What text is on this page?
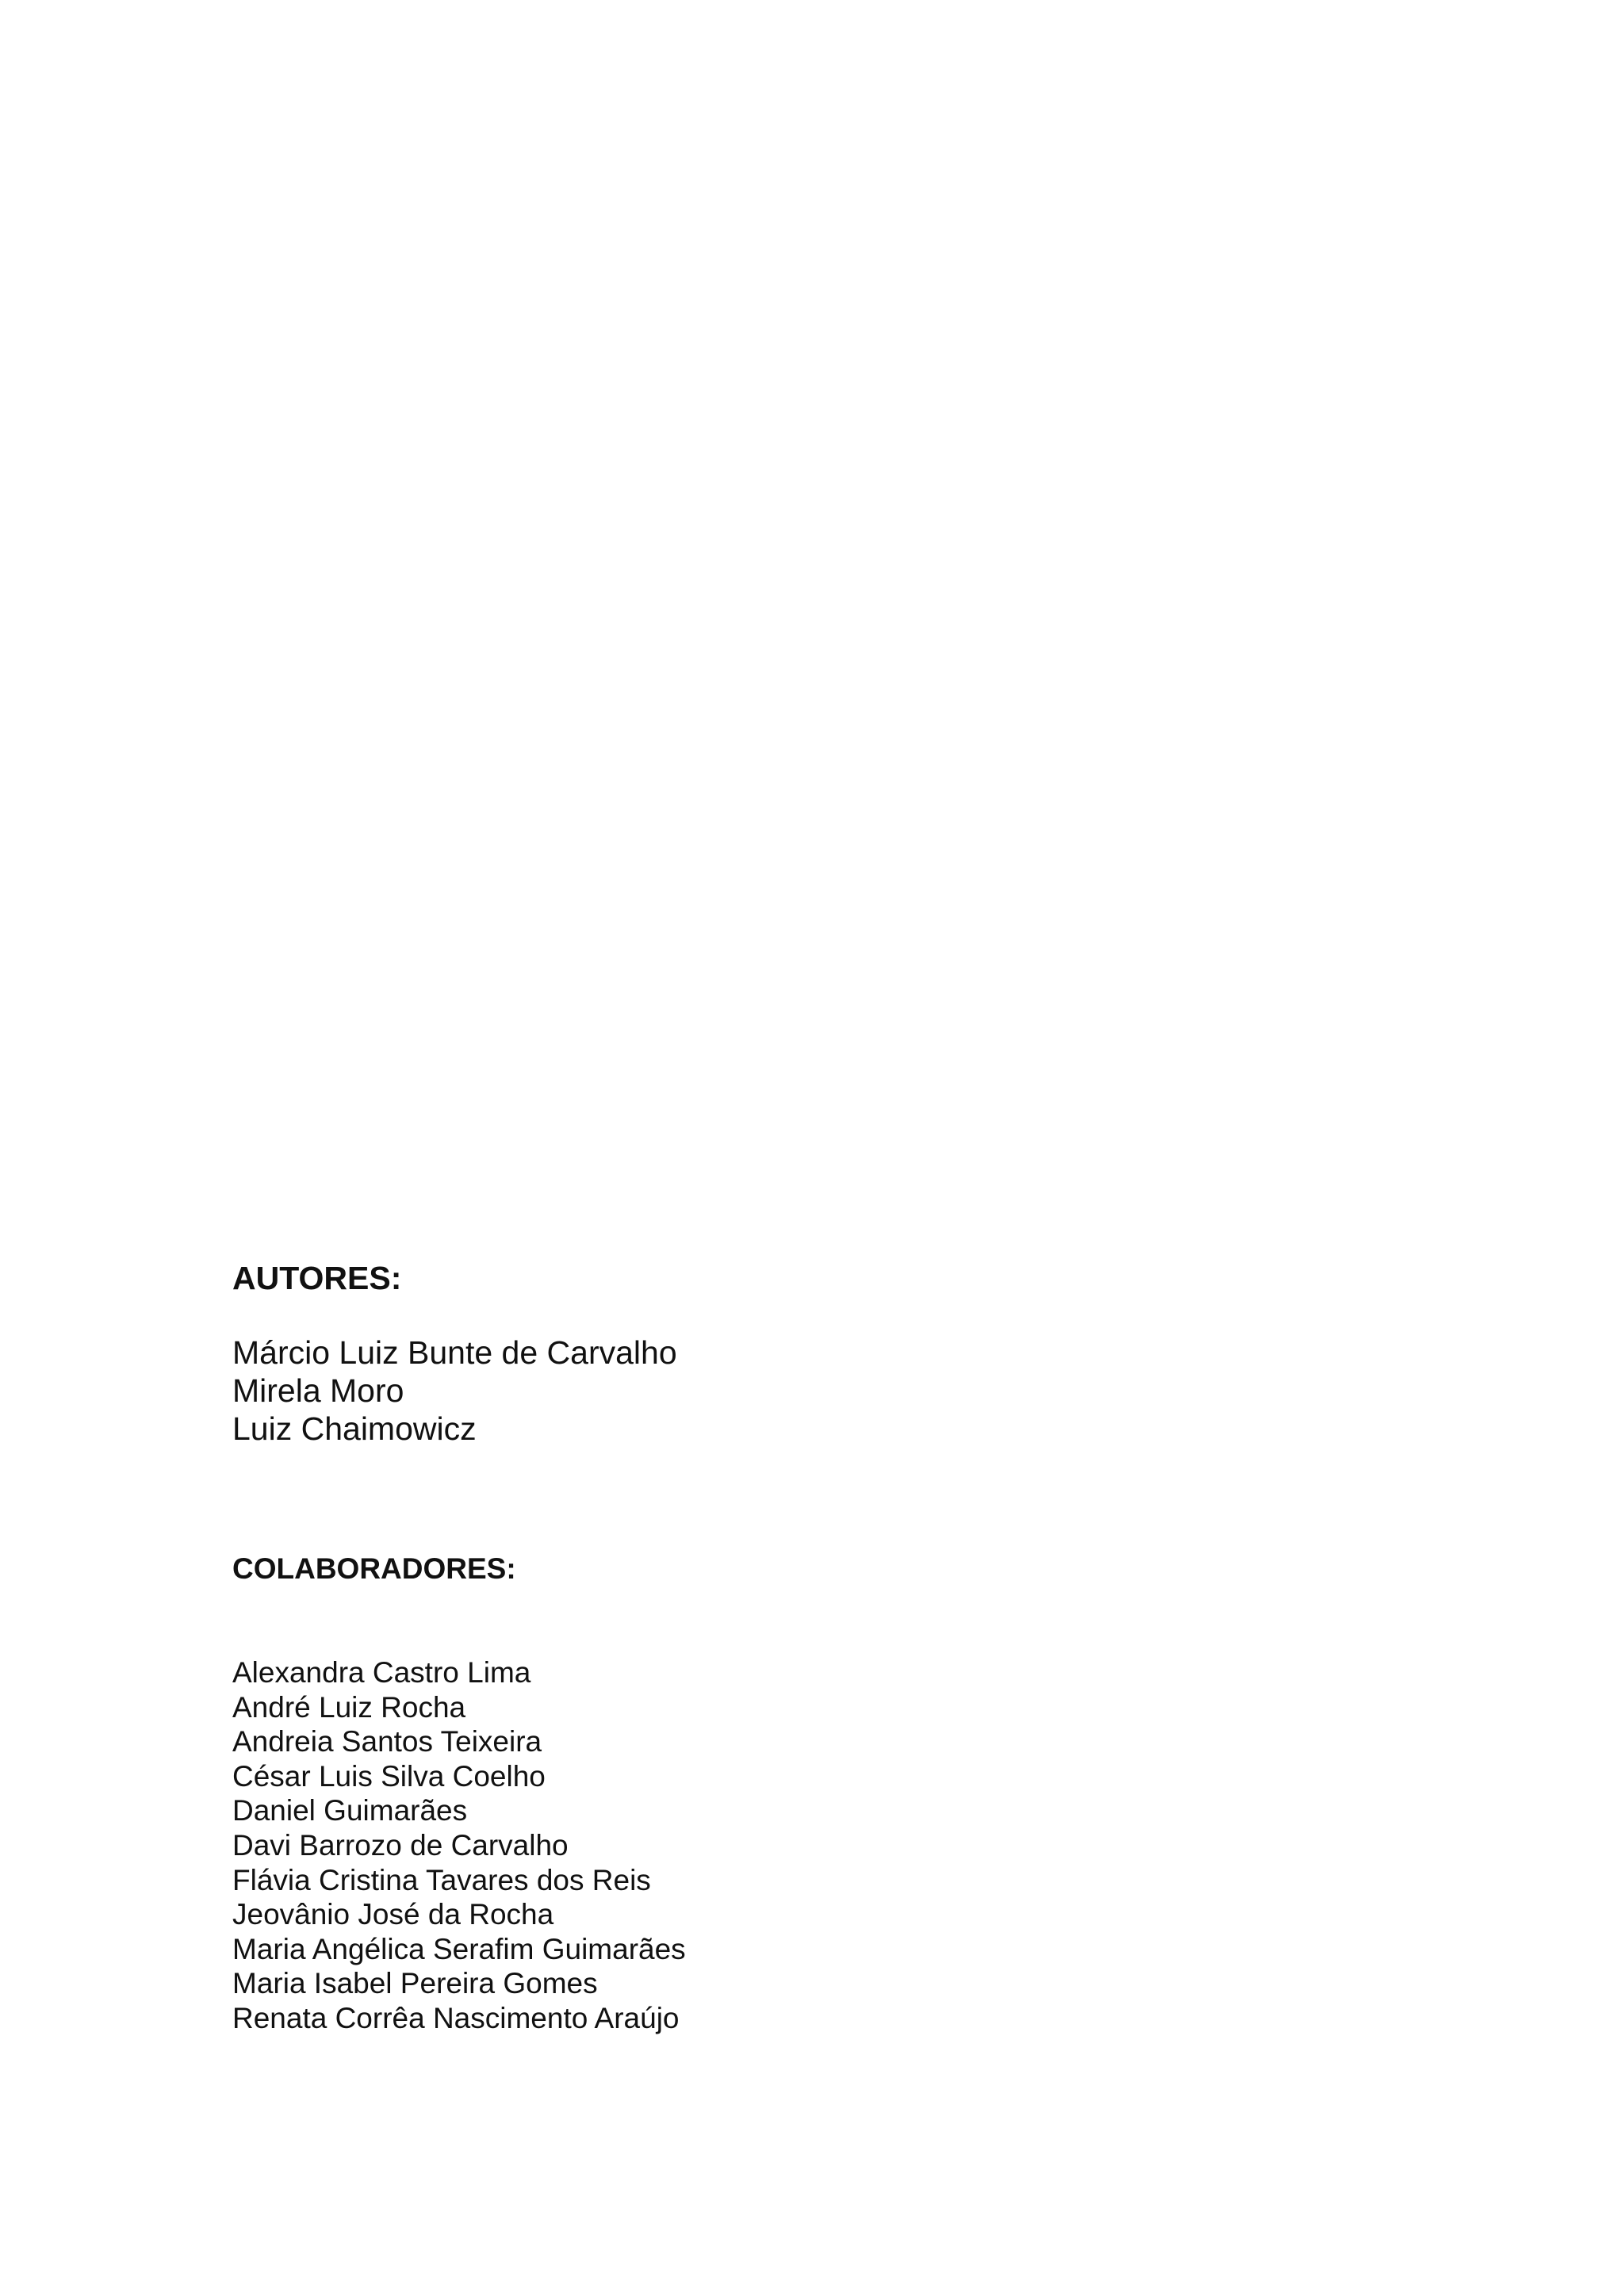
AUTORES:
Márcio Luiz Bunte de Carvalho
Mirela Moro
Luiz Chaimowicz
COLABORADORES:
Alexandra Castro Lima
André Luiz Rocha
Andreia Santos Teixeira
César Luis Silva Coelho
Daniel Guimarães
Davi Barrozo de Carvalho
Flávia Cristina Tavares dos Reis
Jeovânio José da Rocha
Maria Angélica Serafim Guimarães
Maria Isabel Pereira Gomes
Renata Corrêa Nascimento Araújo
